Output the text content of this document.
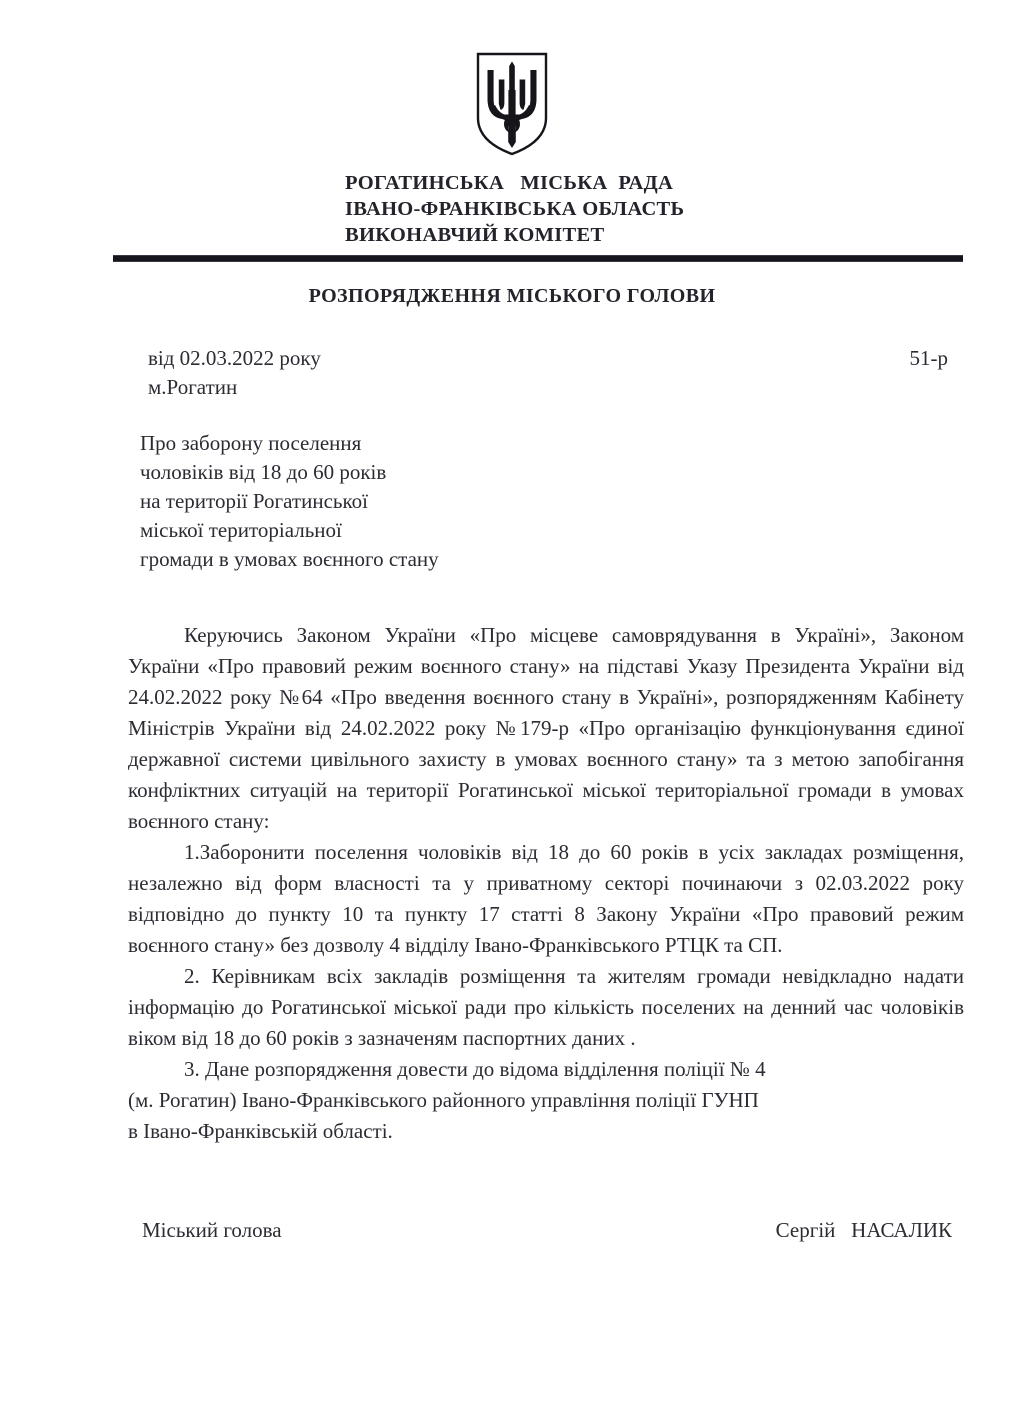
РОГАТИНСЬКА   МІСЬКА  РАДА
ІВАНО-ФРАНКІВСЬКА ОБЛАСТЬ
ВИКОНАВЧИЙ КОМІТЕТ
РОЗПОРЯДЖЕННЯ МІСЬКОГО ГОЛОВИ
від 02.03.2022 року	51-р
м.Рогатин
Про заборону поселення
чоловіків від 18 до 60 років
на території Рогатинської
міської територіальної
громади в умовах воєнного стану

Керуючись Законом України «Про місцеве самоврядування в Україні», Законом України «Про правовий режим воєнного стану» на підставі Указу Президента України від 24.02.2022 року №64 «Про введення воєнного стану в Україні», розпорядженням Кабінету Міністрів України від 24.02.2022 року №179-р «Про організацію функціонування єдиної державної системи цивільного захисту в умовах воєнного стану» та з метою запобігання конфліктних ситуацій на території Рогатинської міської територіальної громади в умовах воєнного стану:

1.Заборонити поселення чоловіків від 18 до 60 років в усіх закладах розміщення, незалежно від форм власності та у приватному секторі починаючи з 02.03.2022 року відповідно до пункту 10 та пункту 17 статті 8 Закону України «Про правовий режим воєнного стану» без дозволу 4 відділу Івано-Франківського РТЦК та СП.

2. Керівникам всіх закладів розміщення та жителям громади невідкладно надати інформацію до Рогатинської міської ради про кількість поселених на денний час чоловіків віком від 18 до 60 років з зазначеням паспортних даних .

3. Дане розпорядження довести до відома відділення поліції № 4

(м. Рогатин) Івано-Франківського районного управління поліції ГУНП

в Івано-Франківській області.

Міський голова	Сергій   НАСАЛИК
